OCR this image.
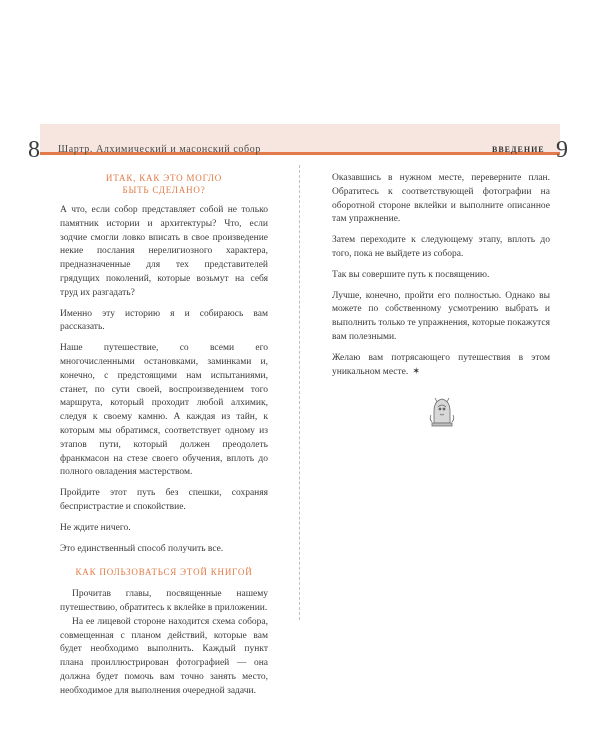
8 Шартр. Алхимический и масонский собор	ВВЕДЕНИЕ 9
ИТАК, КАК ЭТО МОГЛО
БЫТЬ СДЕЛАНО?

А что, если собор представляет собой не только памятник истории и архитектуры? Что, если зодчие смогли ловко вписать в свое произведение некие послания нерелигиозного характера, предназначенные для тех представителей грядущих поколений, которые возьмут на себя труд их разгадать?

Именно эту историю я и собираюсь вам рассказать.

Наше путешествие, со всеми его многочисленными остановками, заминками и, конечно, с предстоящими нам испытаниями, станет, по сути своей, воспроизведением того маршрута, который проходит любой алхимик, следуя к своему камню. А каждая из тайн, к которым мы обратимся, соответствует одному из этапов пути, который должен преодолеть франкмасон на стезе своего обучения, вплоть до полного овладения мастерством.

Пройдите этот путь без спешки, сохраняя беспристрастие и спокойствие.

Не ждите ничего.

Это единственный способ получить все.

КАК ПОЛЬЗОВАТЬСЯ ЭТОЙ КНИГОЙ

Прочитав главы, посвященные нашему путешествию, обратитесь к вклейке в приложении.

На ее лицевой стороне находится схема собора, совмещенная с планом действий, которые вам будет необходимо выполнить. Каждый пункт плана проиллюстрирован фотографией — она должна будет помочь вам точно занять место, необходимое для выполнения очередной задачи.

Оказавшись в нужном месте, переверните план. Обратитесь к соответствующей фотографии на оборотной стороне вклейки и выполните описанное там упражнение.

Затем переходите к следующему этапу, вплоть до того, пока не выйдете из собора.

Так вы совершите путь к посвящению.

Лучше, конечно, пройти его полностью. Однако вы можете по собственному усмотрению выбрать и выполнить только те упражнения, которые покажутся вам полезными.

Желаю вам потрясающего путешествия в этом уникальном месте. ✶
